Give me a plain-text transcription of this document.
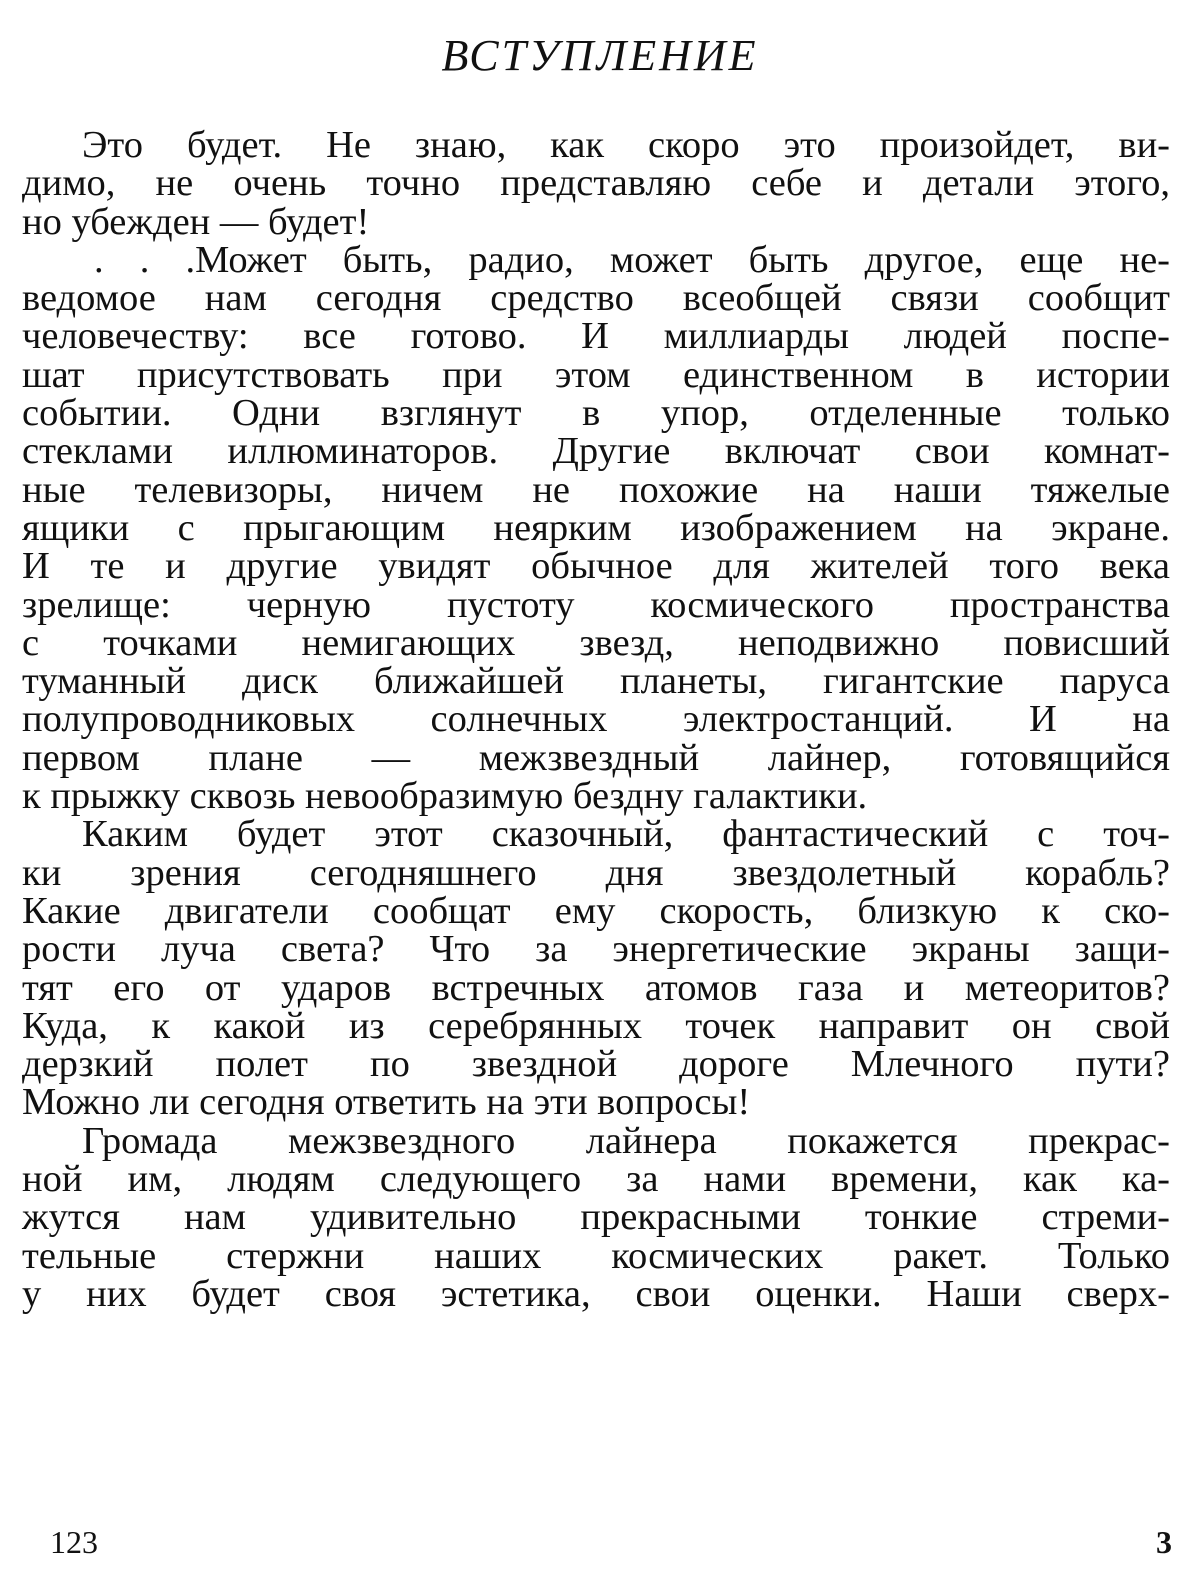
ВСТУПЛЕНИЕ
Это будет. Не знаю, как скоро это произойдет, ви-
димо, не очень точно представляю себе и детали этого,
но убежден — будет!
. . .Может быть, радио, может быть другое, еще не-
ведомое нам сегодня средство всеобщей связи сообщит
человечеству: все готово. И миллиарды людей поспе-
шат присутствовать при этом единственном в истории
событии. Одни взглянут в упор, отделенные только
стеклами иллюминаторов. Другие включат свои комнат-
ные телевизоры, ничем не похожие на наши тяжелые
ящики с прыгающим неярким изображением на экране.
И те и другие увидят обычное для жителей того века
зрелище: черную пустоту космического пространства
с точками немигающих звезд, неподвижно повисший
туманный диск ближайшей планеты, гигантские паруса
полупроводниковых солнечных электростанций. И на
первом плане — межзвездный лайнер, готовящийся
к прыжку сквозь невообразимую бездну галактики.
Каким будет этот сказочный, фантастический с точ-
ки зрения сегодняшнего дня звездолетный корабль?
Какие двигатели сообщат ему скорость, близкую к ско-
рости луча света? Что за энергетические экраны защи-
тят его от ударов встречных атомов газа и метеоритов?
Куда, к какой из серебрянных точек направит он свой
дерзкий полет по звездной дороге Млечного пути?
Можно ли сегодня ответить на эти вопросы!
Громада межзвездного лайнера покажется прекрас-
ной им, людям следующего за нами времени, как ка-
жутся нам удивительно прекрасными тонкие стреми-
тельные стержни наших космических ракет. Только
у них будет своя эстетика, свои оценки. Наши сверх-
123	3
